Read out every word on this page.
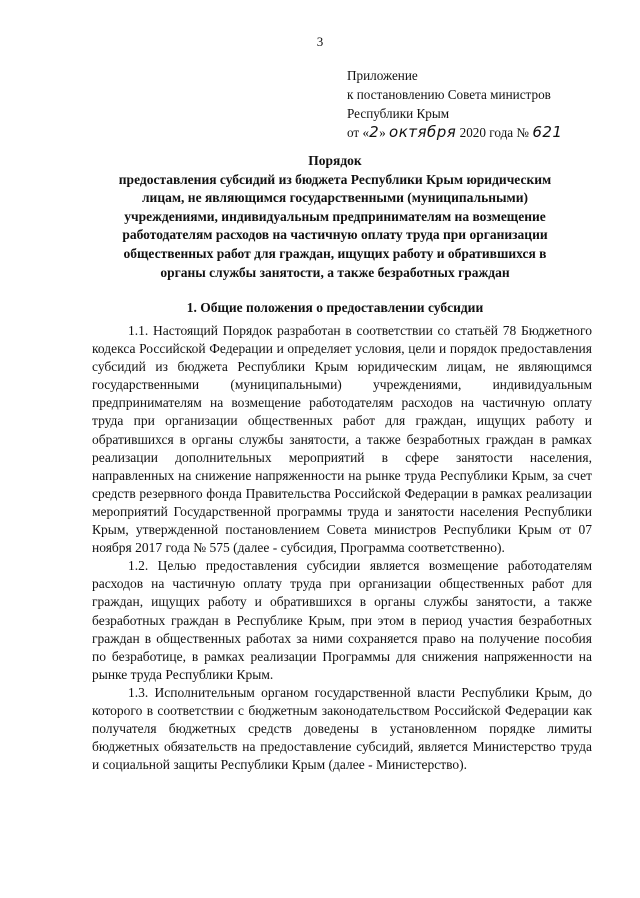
3
Приложение
к постановлению Совета министров
Республики Крым
от «2» октября 2020 года № 621
Порядок
предоставления субсидий из бюджета Республики Крым юридическим лицам, не являющимся государственными (муниципальными) учреждениями, индивидуальным предпринимателям на возмещение работодателям расходов на частичную оплату труда при организации общественных работ для граждан, ищущих работу и обратившихся в органы службы занятости, а также безработных граждан
1. Общие положения о предоставлении субсидии

1.1. Настоящий Порядок разработан в соответствии со статьёй 78 Бюджетного кодекса Российской Федерации и определяет условия, цели и порядок предоставления субсидий из бюджета Республики Крым юридическим лицам, не являющимся государственными (муниципальными) учреждениями, индивидуальным предпринимателям на возмещение работодателям расходов на частичную оплату труда при организации общественных работ для граждан, ищущих работу и обратившихся в органы службы занятости, а также безработных граждан в рамках реализации дополнительных мероприятий в сфере занятости населения, направленных на снижение напряженности на рынке труда Республики Крым, за счет средств резервного фонда Правительства Российской Федерации в рамках реализации мероприятий Государственной программы труда и занятости населения Республики Крым, утвержденной постановлением Совета министров Республики Крым от 07 ноября 2017 года № 575 (далее - субсидия, Программа соответственно).

1.2. Целью предоставления субсидии является возмещение работодателям расходов на частичную оплату труда при организации общественных работ для граждан, ищущих работу и обратившихся в органы службы занятости, а также безработных граждан в Республике Крым, при этом в период участия безработных граждан в общественных работах за ними сохраняется право на получение пособия по безработице, в рамках реализации Программы для снижения напряженности на рынке труда Республики Крым.

1.3. Исполнительным органом государственной власти Республики Крым, до которого в соответствии с бюджетным законодательством Российской Федерации как получателя бюджетных средств доведены в установленном порядке лимиты бюджетных обязательств на предоставление субсидий, является Министерство труда и социальной защиты Республики Крым (далее - Министерство).
